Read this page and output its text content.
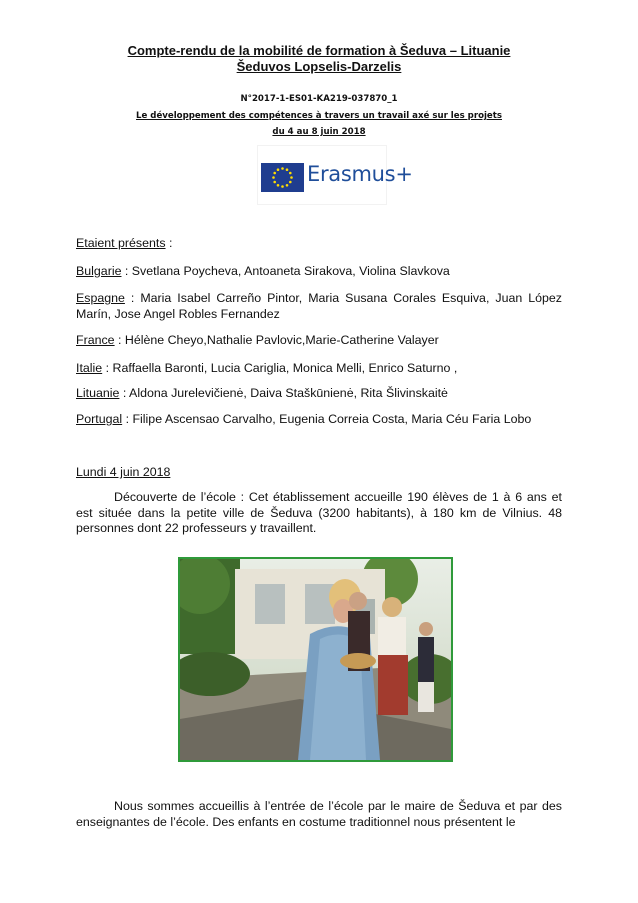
Compte-rendu de la mobilité de formation à Šeduva – Lituanie
Šeduvos Lopselis-Darzelis
N°2017-1-ES01-KA219-037870_1
Le développement des compétences à travers un travail axé sur les projets
du 4 au 8 juin 2018
Erasmus+
Etaient présents :
Bulgarie : Svetlana Poycheva, Antoaneta Sirakova, Violina Slavkova
Espagne : Maria Isabel Carreño Pintor, Maria Susana Corales Esquiva, Juan López Marín, Jose Angel Robles Fernandez
France : Hélène Cheyo,Nathalie Pavlovic,Marie-Catherine Valayer
Italie : Raffaella Baronti, Lucia Cariglia, Monica Melli, Enrico Saturno ,
Lituanie : Aldona Jurelevičienė, Daiva Staškūnienė, Rita Šlivinskaitė
Portugal : Filipe Ascensao Carvalho, Eugenia Correia Costa, Maria Céu Faria Lobo
Lundi 4 juin 2018
Découverte de l’école : Cet établissement accueille 190 élèves de 1 à 6 ans et est située dans la petite ville de Šeduva (3200 habitants), à 180 km de Vilnius. 48 personnes dont 22 professeurs y travaillent.
Nous sommes accueillis à l’entrée de l’école par le maire de Šeduva et par des enseignantes de l’école. Des enfants en costume traditionnel nous présentent le
